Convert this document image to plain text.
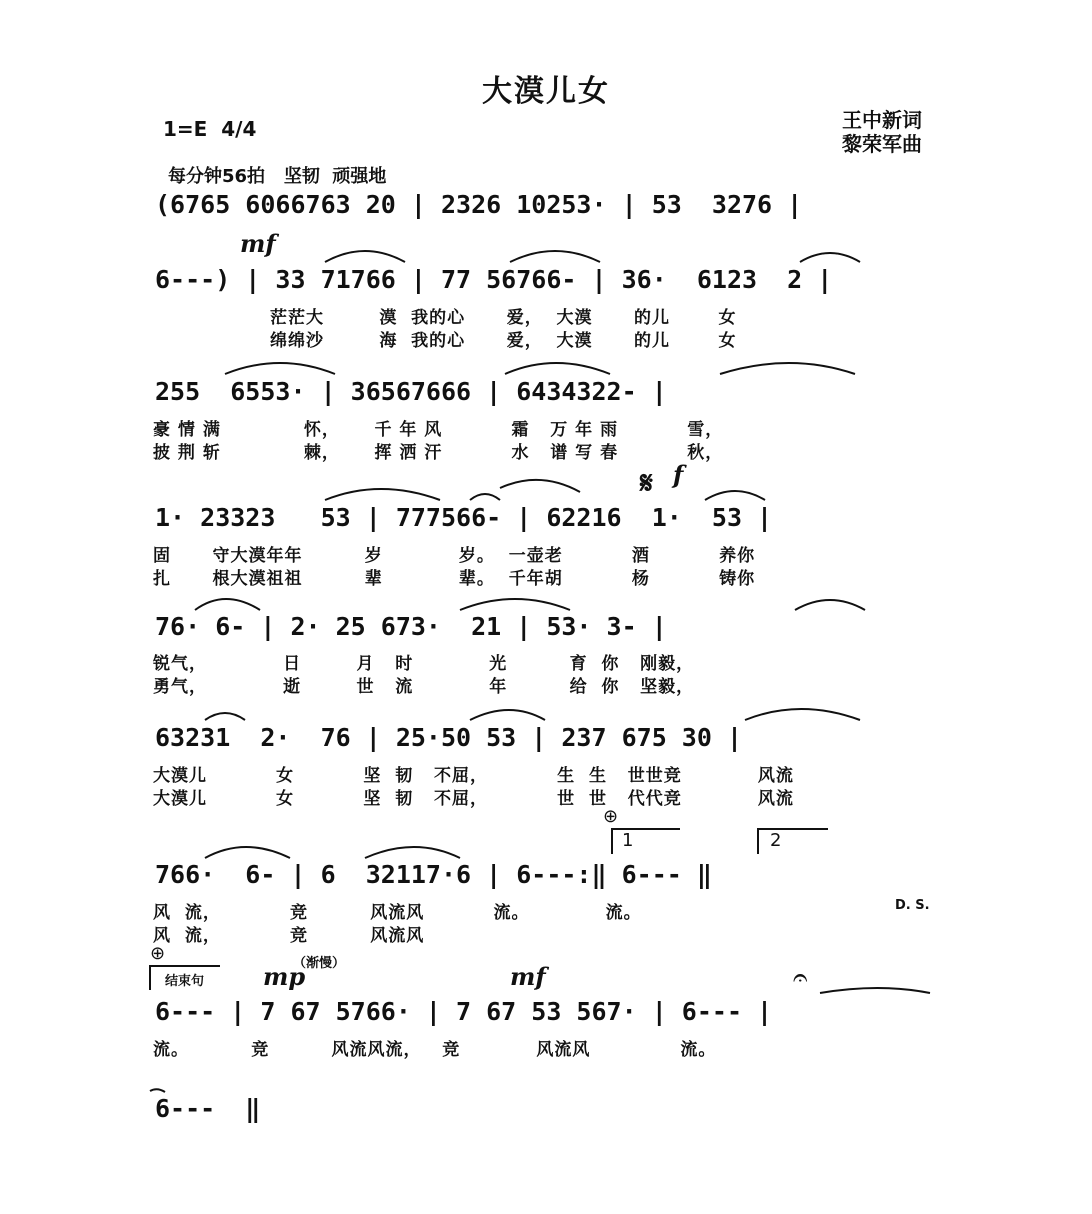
大漠儿女
王中新词
黎荣军曲
1=E  4/4
每分钟56拍   坚韧  顽强地
mf
𝄋 f
D. S.
⊕
⊕
结束句 mp
（渐慢）	mf	𝄐
1	2
(6765 6066763 20 | 2326 10253· | 53  3276 |
6---) | 33 71766 | 77 56766- | 36·  6123  2 |
茫茫大        漠  我的心      爱，  大漠      的儿       女
绵绵沙        海  我的心      爱，  大漠      的儿       女
255  6553· | 36567666 | 6434322- |
豪 情 满            怀，     千 年 风          霜   万 年 雨          雪，
披 荆 斩            棘，     挥 洒 汗          水   谱 写 春          秋，
1· 23323   53 | 777566- | 62216  1·  53 |
固      守大漠年年         岁           岁。  一壶老          酒          养你
扎      根大漠祖祖         辈           辈。  千年胡          杨          铸你
76· 6- | 2· 25 673·  21 | 53· 3- |
锐气，           日        月   时           光         育  你   刚毅，
勇气，           逝        世   流           年         给  你   坚毅，
63231  2·  76 | 25·50 53 | 237 675 30 |
大漠儿          女          坚  韧   不屈，          生  生   世世竞           风流
大漠儿          女          坚  韧   不屈，          世  世   代代竞           风流
766·  6- | 6  32117·6 | 6---:‖ 6--- ‖
风  流，          竞         风流风          流。           流。
风  流，          竞         风流风
6--- | 7 67 5766· | 7 67 53 567· | 6--- |
流。         竞         风流风流，   竞           风流风             流。
6---  ‖
